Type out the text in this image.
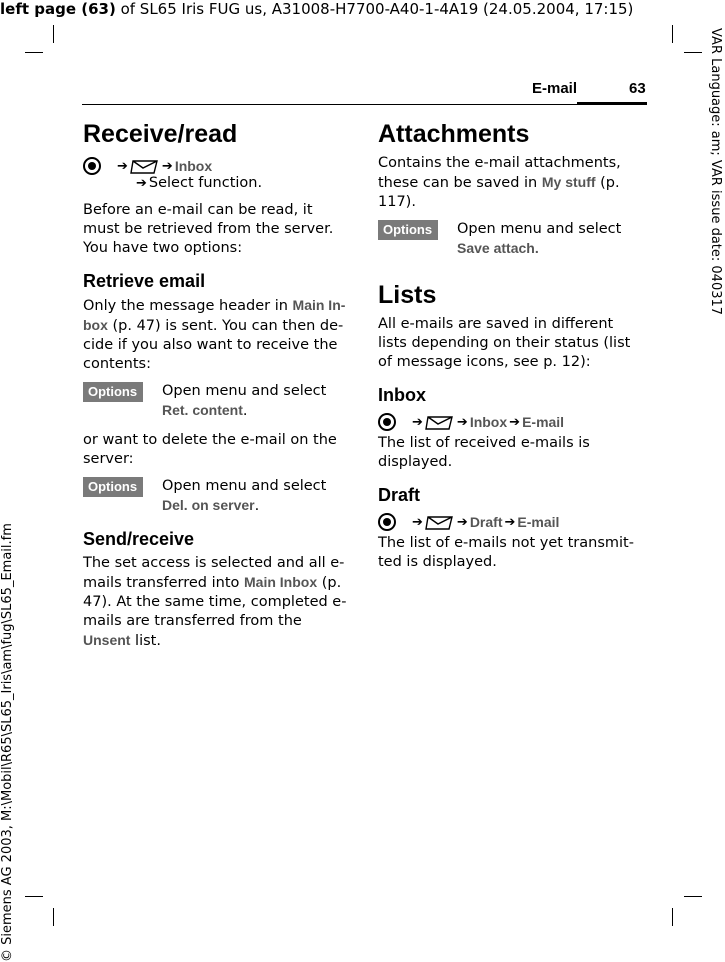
left page (63) of SL65 Iris FUG us, A31008-H7700-A40-1-4A19 (24.05.2004, 17:15)
VAR Language: am; VAR issue date: 040317
© Siemens AG 2003, M:\Mobil\R65\SL65_Iris\am\fug\SL65_Email.fm
E-mail	63
Receive/read
➔	➔ Inbox
➔ Select function.

Before an e-mail can be read, it must be retrieved from the server. You have two options:

Retrieve email

Only the message header in Main In-box (p. 47) is sent. You can then de-cide if you also want to receive the contents:

Options	Open menu and select
Ret. content.

or want to delete the e-mail on the server:

Options	Open menu and select
Del. on server.
Send/receive

The set access is selected and all e-mails transferred into Main Inbox (p. 47). At the same time, completed e-mails are transferred from the Unsent list.

Attachments

Contains the e-mail attachments, these can be saved in My stuff (p. 117).

Options	Open menu and select
Save attach.
Lists

All e-mails are saved in different lists depending on their status (list of message icons, see p. 12):

Inbox
➔	➔ Inbox ➔ E-mail

The list of received e-mails is displayed.

Draft
➔	➔ Draft ➔ E-mail

The list of e-mails not yet transmit-ted is displayed.
